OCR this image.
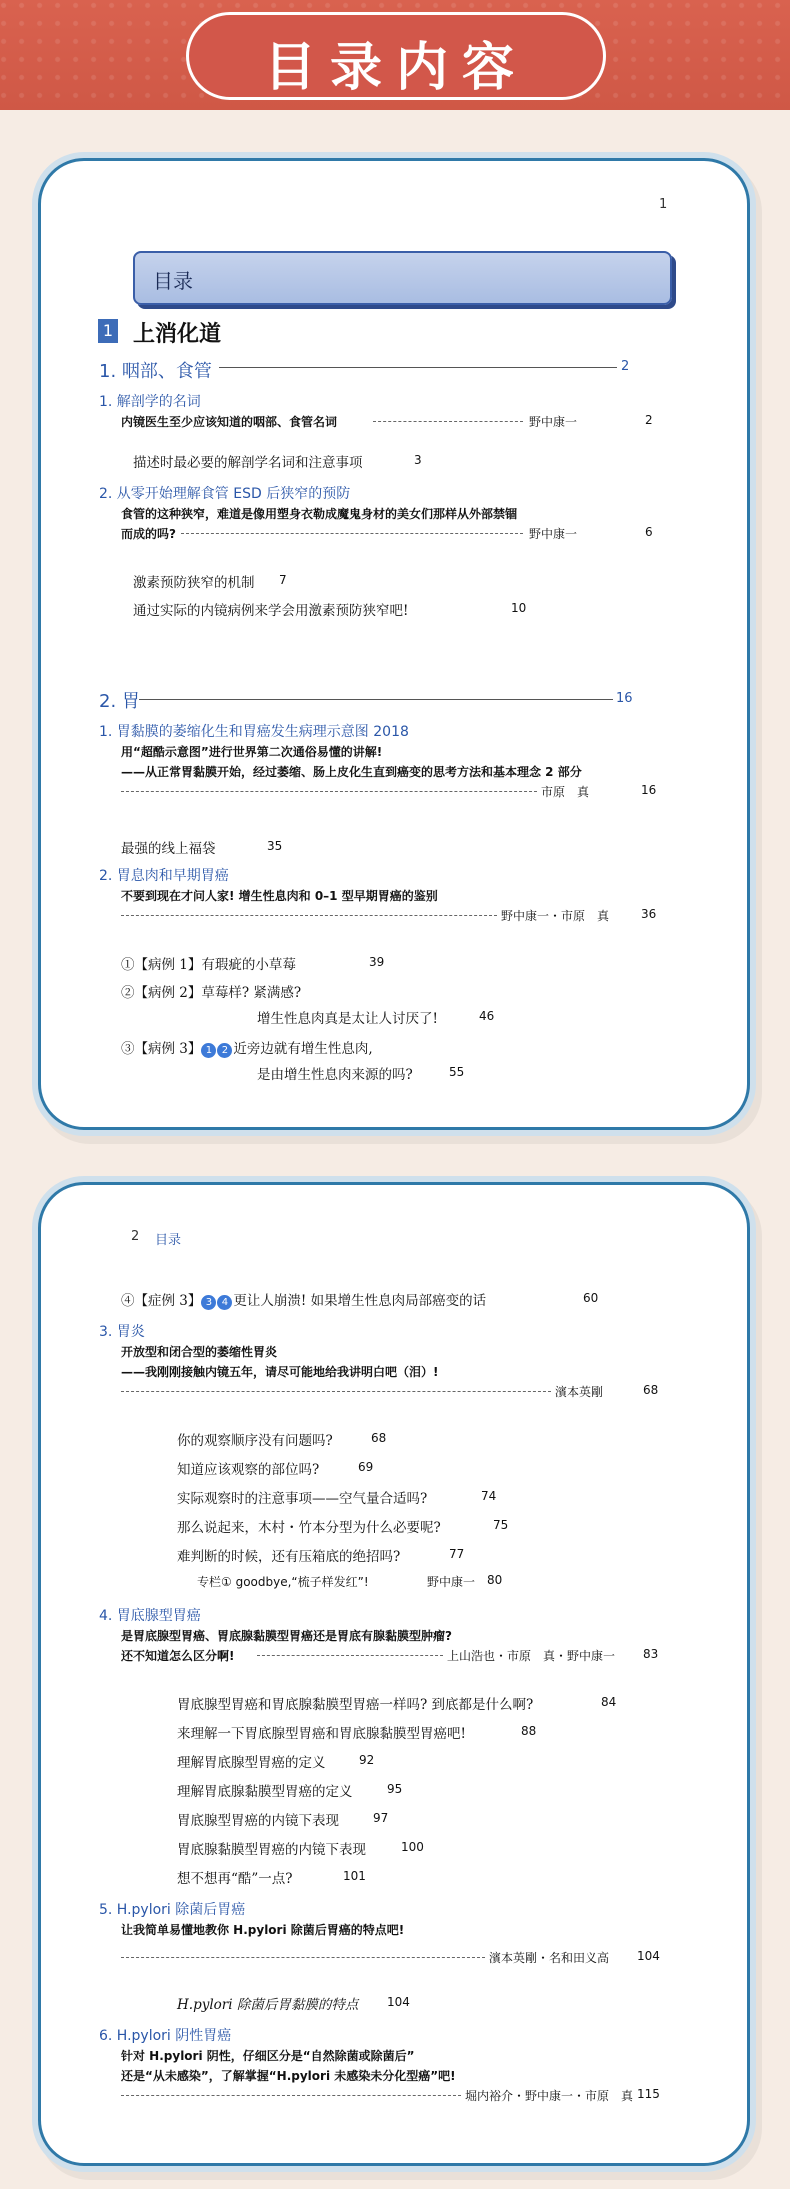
目录内容
1
目录
1 上消化道
1. 咽部、食管	2
1. 解剖学的名词
内镜医生至少应该知道的咽部、食管名词	野中康一	2
描述时最必要的解剖学名词和注意事项	3
2. 从零开始理解食管 ESD 后狭窄的预防
食管的这种狭窄，难道是像用塑身衣勒成魔鬼身材的美女们那样从外部禁锢
而成的吗?	野中康一	6
激素预防狭窄的机制 7
通过实际的内镜病例来学会用激素预防狭窄吧!	10
2. 胃	16
1. 胃黏膜的萎缩化生和胃癌发生病理示意图 2018
用“超酷示意图”进行世界第二次通俗易懂的讲解!
——从正常胃黏膜开始，经过萎缩、肠上皮化生直到癌变的思考方法和基本理念 2 部分
市原　真	16
最强的线上福袋	35
2. 胃息肉和早期胃癌
不要到现在才问人家! 增生性息肉和 0–1 型早期胃癌的鉴别
野中康一・市原　真	36
①【病例 1】有瑕疵的小草莓	39
②【病例 2】草莓样? 紧满感?
增生性息肉真是太让人讨厌了!	46
③【病例 3】 1 2 近旁边就有增生性息肉,
是由增生性息肉来源的吗?	55
2 目录
④【症例 3】 3 4 更让人崩溃! 如果增生性息肉局部癌变的话	60
3. 胃炎
开放型和闭合型的萎缩性胃炎
——我刚刚接触内镜五年，请尽可能地给我讲明白吧（泪）!
濱本英剛	68
你的观察顺序没有问题吗?	68
知道应该观察的部位吗?	69
实际观察时的注意事项——空气量合适吗?	74
那么说起来，木村・竹本分型为什么必要呢?	75
难判断的时候，还有压箱底的绝招吗?	77
专栏① goodbye,“梳子样发红”!	野中康一 80
4. 胃底腺型胃癌
是胃底腺型胃癌、胃底腺黏膜型胃癌还是胃底有腺黏膜型肿瘤?
还不知道怎么区分啊!	上山浩也・市原　真・野中康一 83
胃底腺型胃癌和胃底腺黏膜型胃癌一样吗? 到底都是什么啊?	84
来理解一下胃底腺型胃癌和胃底腺黏膜型胃癌吧!	88
理解胃底腺型胃癌的定义	92
理解胃底腺黏膜型胃癌的定义	95
胃底腺型胃癌的内镜下表现	97
胃底腺黏膜型胃癌的内镜下表现	100
想不想再“酷”一点?	101
5. H.pylori 除菌后胃癌
让我简单易懂地教你 H.pylori 除菌后胃癌的特点吧!
濱本英剛・名和田义高 104
H.pylori 除菌后胃黏膜的特点 104
6. H.pylori 阴性胃癌
针对 H.pylori 阴性，仔细区分是“自然除菌或除菌后”
还是“从未感染”，了解掌握“H.pylori 未感染未分化型癌”吧!
堀内裕介・野中康一・市原　真 115
